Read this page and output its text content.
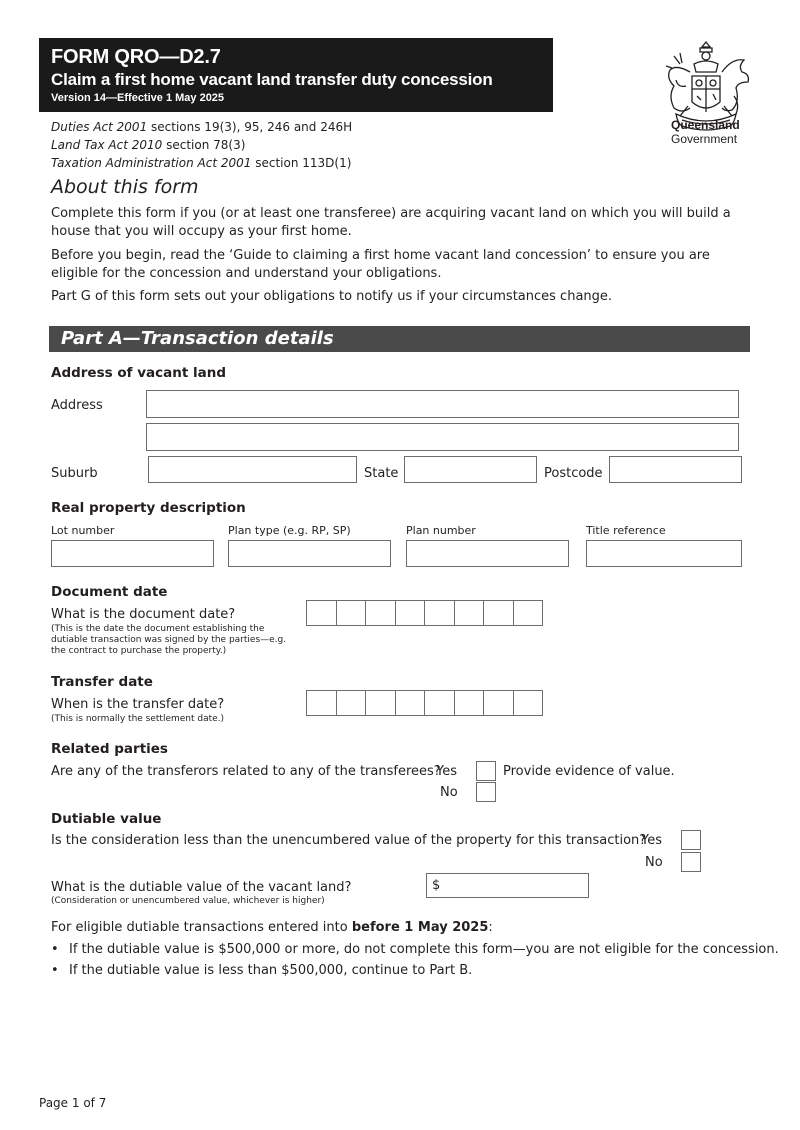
FORM QRO—D2.7
Claim a first home vacant land transfer duty concession
Version 14—Effective 1 May 2025
Duties Act 2001 sections 19(3), 95, 246 and 246H
Land Tax Act 2010 section 78(3)
Taxation Administration Act 2001 section 113D(1)
Queensland
Government
About this form
Complete this form if you (or at least one transferee) are acquiring vacant land on which you will build a house that you will occupy as your first home.
Before you begin, read the ‘Guide to claiming a first home vacant land concession’ to ensure you are eligible for the concession and understand your obligations.
Part G of this form sets out your obligations to notify us if your circumstances change.
Part A—Transaction details
Address of vacant land
Address
Suburb	State	Postcode
Real property description
Lot number	Plan type (e.g. RP, SP)	Plan number	Title reference
Document date
What is the document date?
(This is the date the document establishing the dutiable transaction was signed by the parties—e.g. the contract to purchase the property.)
Transfer date
When is the transfer date?
(This is normally the settlement date.)
Related parties
Are any of the transferors related to any of the transferees?
Yes	Provide evidence of value.
No
Dutiable value
Is the consideration less than the unencumbered value of the property for this transaction?
Yes
No
What is the dutiable value of the vacant land?
(Consideration or unencumbered value, whichever is higher)
$
For eligible dutiable transactions entered into before 1 May 2025:
• If the dutiable value is $500,000 or more, do not complete this form—you are not eligible for the concession.
• If the dutiable value is less than $500,000, continue to Part B.
Page 1 of 7
